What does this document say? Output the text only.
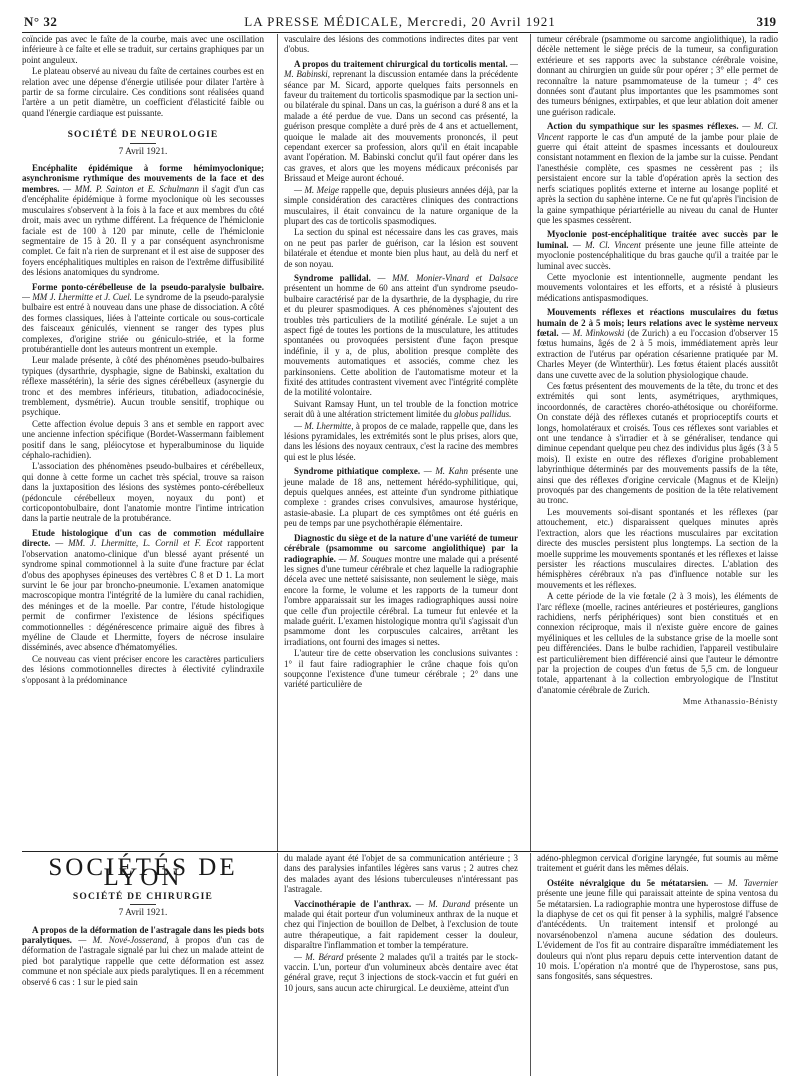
N° 32	LA PRESSE MÉDICALE, Mercredi, 20 Avril 1921	319

coïncide pas avec le faîte de la courbe, mais avec une oscillation inférieure à ce faîte et elle se traduit, sur certains graphiques par un point anguleux.

Le plateau observé au niveau du faîte de certaines courbes est en relation avec une dépense d'énergie utilisée pour dilater l'artère à partir de sa forme circulaire. Ces conditions sont réalisées quand l'artère a un petit diamètre, un coefficient d'élasticité faible ou quand l'énergie cardiaque est puissante.

SOCIÉTÉ DE NEUROLOGIE
7 Avril 1921.

Encéphalite épidémique à forme hémimyoclonique; asynchronisme rythmique des mouvements de la face et des membres. — MM. P. Sainton et E. Schulmann il s'agit d'un cas d'encéphalite épidémique à forme myoclonique où les secousses musculaires s'observent à la fois à la face et aux membres du côté droit, mais avec un rythme différent. La fréquence de l'hémiclonie faciale est de 100 à 120 par minute, celle de l'hémiclonie segmentaire de 15 à 20. Il y a par conséquent asynchronisme complet. Ce fait n'a rien de surprenant et il est aise de supposer des foyers encéphalitiques multiples en raison de l'extrême diffusibilité des lésions anatomiques du syndrome.

Forme ponto-cérébelleuse de la pseudo-paralysie bulbaire. — MM J. Lhermitte et J. Cuel. Le syndrome de la pseudo-paralysie bulbaire est entré à nouveau dans une phase de dissociation. A côté des formes classiques, liées à l'atteinte corticale ou sous-corticale des faisceaux géniculés, viennent se ranger des types plus complexes, d'origine striée ou géniculo-striée, et la forme protubérantielle dont les auteurs montrent un exemple.

Leur malade présente, à côté des phénomènes pseudo-bulbaires typiques (dysarthrie, dysphagie, signe de Babinski, exaltation du réflexe massétérin), la série des signes cérébelleux (asynergie du tronc et des membres inférieurs, titubation, adiadococinésie, tremblement, dysmétrie). Aucun trouble sensitif, trophique ou psychique.

Cette affection évolue depuis 3 ans et semble en rapport avec une ancienne infection spécifique (Bordet-Wassermann faiblement positif dans le sang, pléiocytose et hyperalbuminose du liquide céphalo-rachidien).

L'association des phénomènes pseudo-bulbaires et cérébelleux, qui donne à cette forme un cachet très spécial, trouve sa raison dans la juxtaposition des lésions des systèmes ponto-cérébelleux (pédoncule cérébelleux moyen, noyaux du pont) et corticopontobulbaire, dont l'anatomie montre l'intime intrication dans la partie neutrale de la protubérance.

Etude histologique d'un cas de commotion médullaire directe. — MM. J. Lhermitte, L. Cornil et F. Ecot rapportent l'observation anatomo-clinique d'un blessé ayant présenté un syndrome spinal commotionnel à la suite d'une fracture par éclat d'obus des apophyses épineuses des vertèbres C 8 et D 1. La mort survint le 6e jour par broncho-pneumonie. L'examen anatomique macroscopique montra l'intégrité de la lumière du canal rachidien, des méninges et de la moelle. Par contre, l'étude histologique permit de confirmer l'existence de lésions spécifiques commotionnelles : dégénérescence primaire aiguë des fibres à myéline de Claude et Lhermitte, foyers de nécrose insulaire disséminés, avec absence d'hématomyélies.

Ce nouveau cas vient préciser encore les caractères particuliers des lésions commotionnelles directes à électivité cylindraxile s'opposant à la prédominance

vasculaire des lésions des commotions indirectes dites par vent d'obus.

A propos du traitement chirurgical du torticolis mental. — M. Babinski, reprenant la discussion entamée dans la précédente séance par M. Sicard, apporte quelques faits personnels en faveur du traitement du torticolis spasmodique par la section uni- ou bilatérale du spinal. Dans un cas, la guérison a duré 8 ans et la malade a été perdue de vue. Dans un second cas présenté, la guérison presque complète a duré près de 4 ans et actuellement, quoique le malade ait des mouvements prononcés, il peut cependant exercer sa profession, alors qu'il en était incapable avant l'opération. M. Babinski conclut qu'il faut opérer dans les cas graves, et alors que les moyens médicaux préconisés par Brissaud et Meige auront échoué.

— M. Meige rappelle que, depuis plusieurs années déjà, par la simple considération des caractères cliniques des contractions musculaires, il était convaincu de la nature organique de la plupart des cas de torticolis spasmodiques.

La section du spinal est nécessaire dans les cas graves, mais on ne peut pas parler de guérison, car la lésion est souvent bilatérale et étendue et monte bien plus haut, au delà du nerf et de son noyau.

Syndrome pallidal. — MM. Monier-Vinard et Dalsace présentent un homme de 60 ans atteint d'un syndrome pseudo-bulbaire caractérisé par de la dysarthrie, de la dysphagie, du rire et du pleurer spasmodiques. A ces phénomènes s'ajoutent des troubles très particuliers de la motilité générale. Le sujet a un aspect figé de toutes les portions de la musculature, les attitudes spontanées ou provoquées persistent d'une façon presque indéfinie, il y a, de plus, abolition presque complète des mouvements automatiques et associés, comme chez les parkinsoniens. Cette abolition de l'automatisme moteur et la fixité des attitudes contrastent vivement avec l'intégrité complète de la motilité volontaire.

Suivant Ramsay Hunt, un tel trouble de la fonction motrice serait dû à une altération strictement limitée du globus pallidus.

— M. Lhermitte, à propos de ce malade, rappelle que, dans les lésions pyramidales, les extrémités sont le plus prises, alors que, dans les lésions des noyaux centraux, c'est la racine des membres qui est le plus lésée.

Syndrome pithiatique complexe. — M. Kahn présente une jeune malade de 18 ans, nettement hérédo-syphilitique, qui, depuis quelques années, est atteinte d'un syndrome pithiatique complexe : grandes crises convulsives, amaurose hystérique, astasie-abasie. La plupart de ces symptômes ont été guéris en peu de temps par une psychothérapie élémentaire.

Diagnostic du siège et de la nature d'une variété de tumeur cérébrale (psamomme ou sarcome angiolithique) par la radiographie. — M. Souques montre une malade qui a présenté les signes d'une tumeur cérébrale et chez laquelle la radiographie décela avec une netteté saisissante, non seulement le siège, mais encore la forme, le volume et les rapports de la tumeur dont l'ombre apparaissait sur les images radiographiques aussi noire que celle d'un projectile cérébral. La tumeur fut enlevée et la malade guérit. L'examen histologique montra qu'il s'agissait d'un psammome dont les corpuscules calcaires, arrêtant les irradiations, ont fourni des images si nettes.

L'auteur tire de cette observation les conclusions suivantes : 1° il faut faire radiographier le crâne chaque fois qu'on soupçonne l'existence d'une tumeur cérébrale ; 2° dans une variété particulière de

tumeur cérébrale (psammome ou sarcome angiolithique), la radio décèle nettement le siège précis de la tumeur, sa configuration extérieure et ses rapports avec la substance cérébrale voisine, donnant au chirurgien un guide sûr pour opérer ; 3° elle permet de reconnaître la nature psammomateuse de la tumeur ; 4° ces données sont d'autant plus importantes que les psammomes sont des tumeurs bénignes, extirpables, et que leur ablation doit amener une guérison radicale.

Action du sympathique sur les spasmes réflexes. — M. Cl. Vincent rapporte le cas d'un amputé de la jambe pour plaie de guerre qui était atteint de spasmes incessants et douloureux consistant notamment en flexion de la jambe sur la cuisse. Pendant l'anesthésie complète, ces spasmes ne cessèrent pas ; ils persistaient encore sur la table d'opération après la section des nerfs sciatiques poplités externe et interne au losange poplité et après la section du saphène interne. Ce ne fut qu'après l'incision de la gaine sympathique périartérielle au niveau du canal de Hunter que les spasmes cessèrent.

Myoclonie post-encéphalitique traitée avec succès par le luminal. — M. Cl. Vincent présente une jeune fille atteinte de myoclonie postencéphalitique du bras gauche qu'il a traitée par le luminal avec succès.

Cette myoclonie est intentionnelle, augmente pendant les mouvements volontaires et les efforts, et a résisté à plusieurs médications antispasmodiques.

Mouvements réflexes et réactions musculaires du fœtus humain de 2 à 5 mois; leurs relations avec le système nerveux fœtal. — M. Minkowski (de Zurich) a eu l'occasion d'observer 15 fœtus humains, âgés de 2 à 5 mois, immédiatement après leur extraction de l'utérus par opération césarienne pratiquée par M. Charles Meyer (de Winterthür). Les fœtus étaient placés aussitôt dans une cuvette avec de la solution physiologique chaude.

Ces fœtus présentent des mouvements de la tête, du tronc et des extrémités qui sont lents, asymétriques, arythmiques, incoordonnés, de caractères choréo-athétosique ou choréiforme. On constate déjà des réflexes cutanés et proprioceptifs courts et longs, homolatéraux et croisés. Tous ces réflexes sont variables et ont une tendance à s'irradier et à se généraliser, tendance qui diminue cependant quelque peu chez des individus plus âgés (3 à 5 mois). Il existe en outre des réflexes d'origine probablement labyrinthique déterminés par des mouvements passifs de la tête, ainsi que des réflexes d'origine cervicale (Magnus et de Kleijn) provoqués par des changements de position de la tête relativement au tronc.

Les mouvements soi-disant spontanés et les réflexes (par attouchement, etc.) disparaissent quelques minutes après l'extraction, alors que les réactions musculaires par excitation directe des muscles persistent plus longtemps. La section de la moelle supprime les mouvements spontanés et les réflexes et laisse persister les réactions musculaires directes. L'ablation des hémisphères cérébraux n'a pas d'influence notable sur les mouvements et les réflexes.

A cette période de la vie fœtale (2 à 3 mois), les éléments de l'arc réflexe (moelle, racines antérieures et postérieures, ganglions rachidiens, nerfs périphériques) sont bien constitués et en connexion réciproque, mais il n'existe guère encore de gaines myéliniques et les cellules de la substance grise de la moelle sont peu différenciées. Dans le bulbe rachidien, l'appareil vestibulaire est particulièrement bien différencié ainsi que l'auteur le démontre par la projection de coupes d'un fœtus de 5,5 cm. de longueur totale, appartenant à la collection embryologique de l'Institut d'anatomie cérébrale de Zurich.

Mme Athanassio-Bénisty
SOCIÉTÉS DE LYON
SOCIÉTÉ DE CHIRURGIE
7 Avril 1921.

A propos de la déformation de l'astragale dans les pieds bots paralytiques. — M. Nové-Josserand, à propos d'un cas de déformation de l'astragale signalé par lui chez un malade atteint de pied bot paralytique rappelle que cette déformation est assez commune et non spéciale aux pieds paralytiques. Il en a récemment observé 6 cas : 1 sur le pied sain

du malade ayant été l'objet de sa communication antérieure ; 3 dans des paralysies infantiles légères sans varus ; 2 autres chez des malades ayant des lésions tuberculeuses n'intéressant pas l'astragale.

Vaccinothérapie de l'anthrax. — M. Durand présente un malade qui était porteur d'un volumineux anthrax de la nuque et chez qui l'injection de bouillon de Delbet, à l'exclusion de toute autre thérapeutique, a fait rapidement cesser la douleur, disparaître l'inflammation et tomber la température.

— M. Bérard présente 2 malades qu'il a traités par le stock-vaccin. L'un, porteur d'un volumineux abcès dentaire avec état général grave, reçut 3 injections de stock-vaccin et fut guéri en 10 jours, sans aucun acte chirurgical. Le deuxième, atteint d'un

adéno-phlegmon cervical d'origine laryngée, fut soumis au même traitement et guérit dans les mêmes délais.

Ostéite névralgique du 5e métatarsien. — M. Tavernier présente une jeune fille qui paraissait atteinte de spina ventosa du 5e métatarsien. La radiographie montra une hyperostose diffuse de la diaphyse de cet os qui fit penser à la syphilis, malgré l'absence d'antécédents. Un traitement intensif et prolongé au novarsénobenzol n'amena aucune sédation des douleurs. L'évidement de l'os fit au contraire disparaître immédiatement les douleurs qui n'ont plus reparu depuis cette intervention datant de 10 mois. L'opération n'a montré que de l'hyperostose, sans pus, sans fongosités, sans séquestres.
